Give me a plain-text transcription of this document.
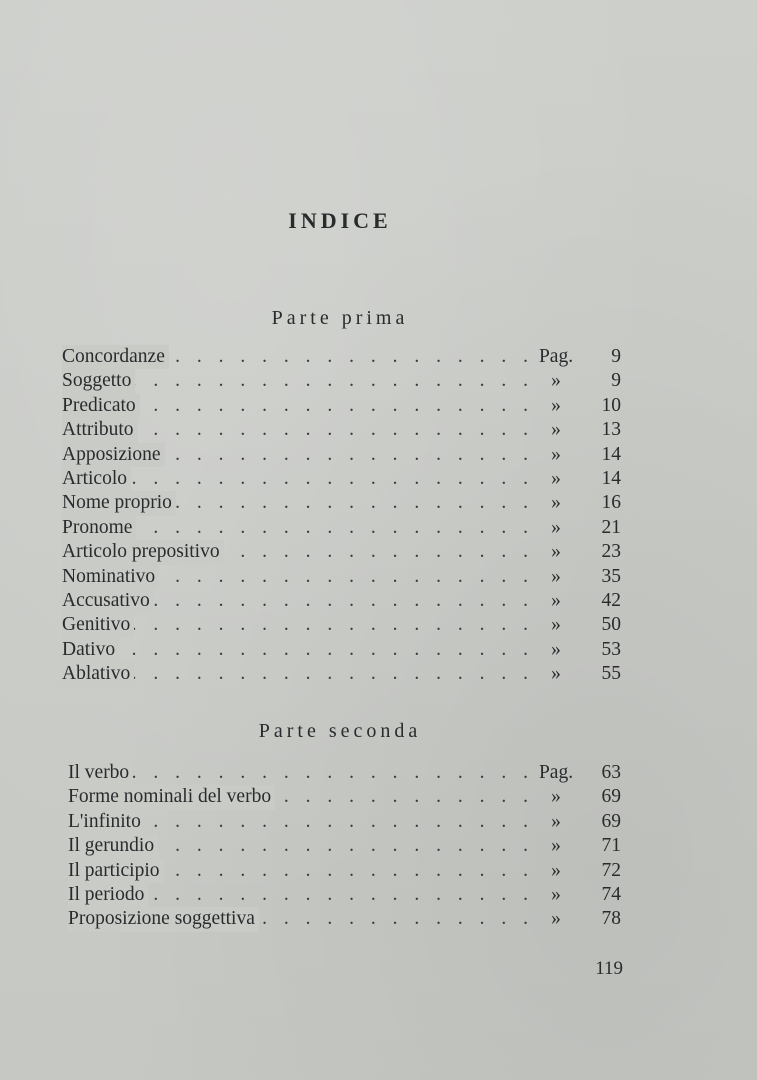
INDICE
Parte prima
. . .
Concordanze	Pag.	9
. . .
Soggetto	»	9
. . .
Predicato	»	10
. . .
Attributo	»	13
. . .
Apposizione	»	14
. . .
Articolo	»	14
. . .
Nome proprio	»	16
. . .
Pronome	»	21
. . .
Articolo prepositivo	»	23
. . .
Nominativo	»	35
. . .
Accusativo	»	42
. . .
Genitivo	»	50
. . .
Dativo	»	53
. . .
Ablativo	»	55
Parte seconda
. . .
Il verbo	Pag.	63
. . .
Forme nominali del verbo	»	69
. . .
L'infinito	»	69
. . .
Il gerundio	»	71
. . .
Il participio	»	72
. . .
Il periodo	»	74
. . .
Proposizione soggettiva	»	78
119
